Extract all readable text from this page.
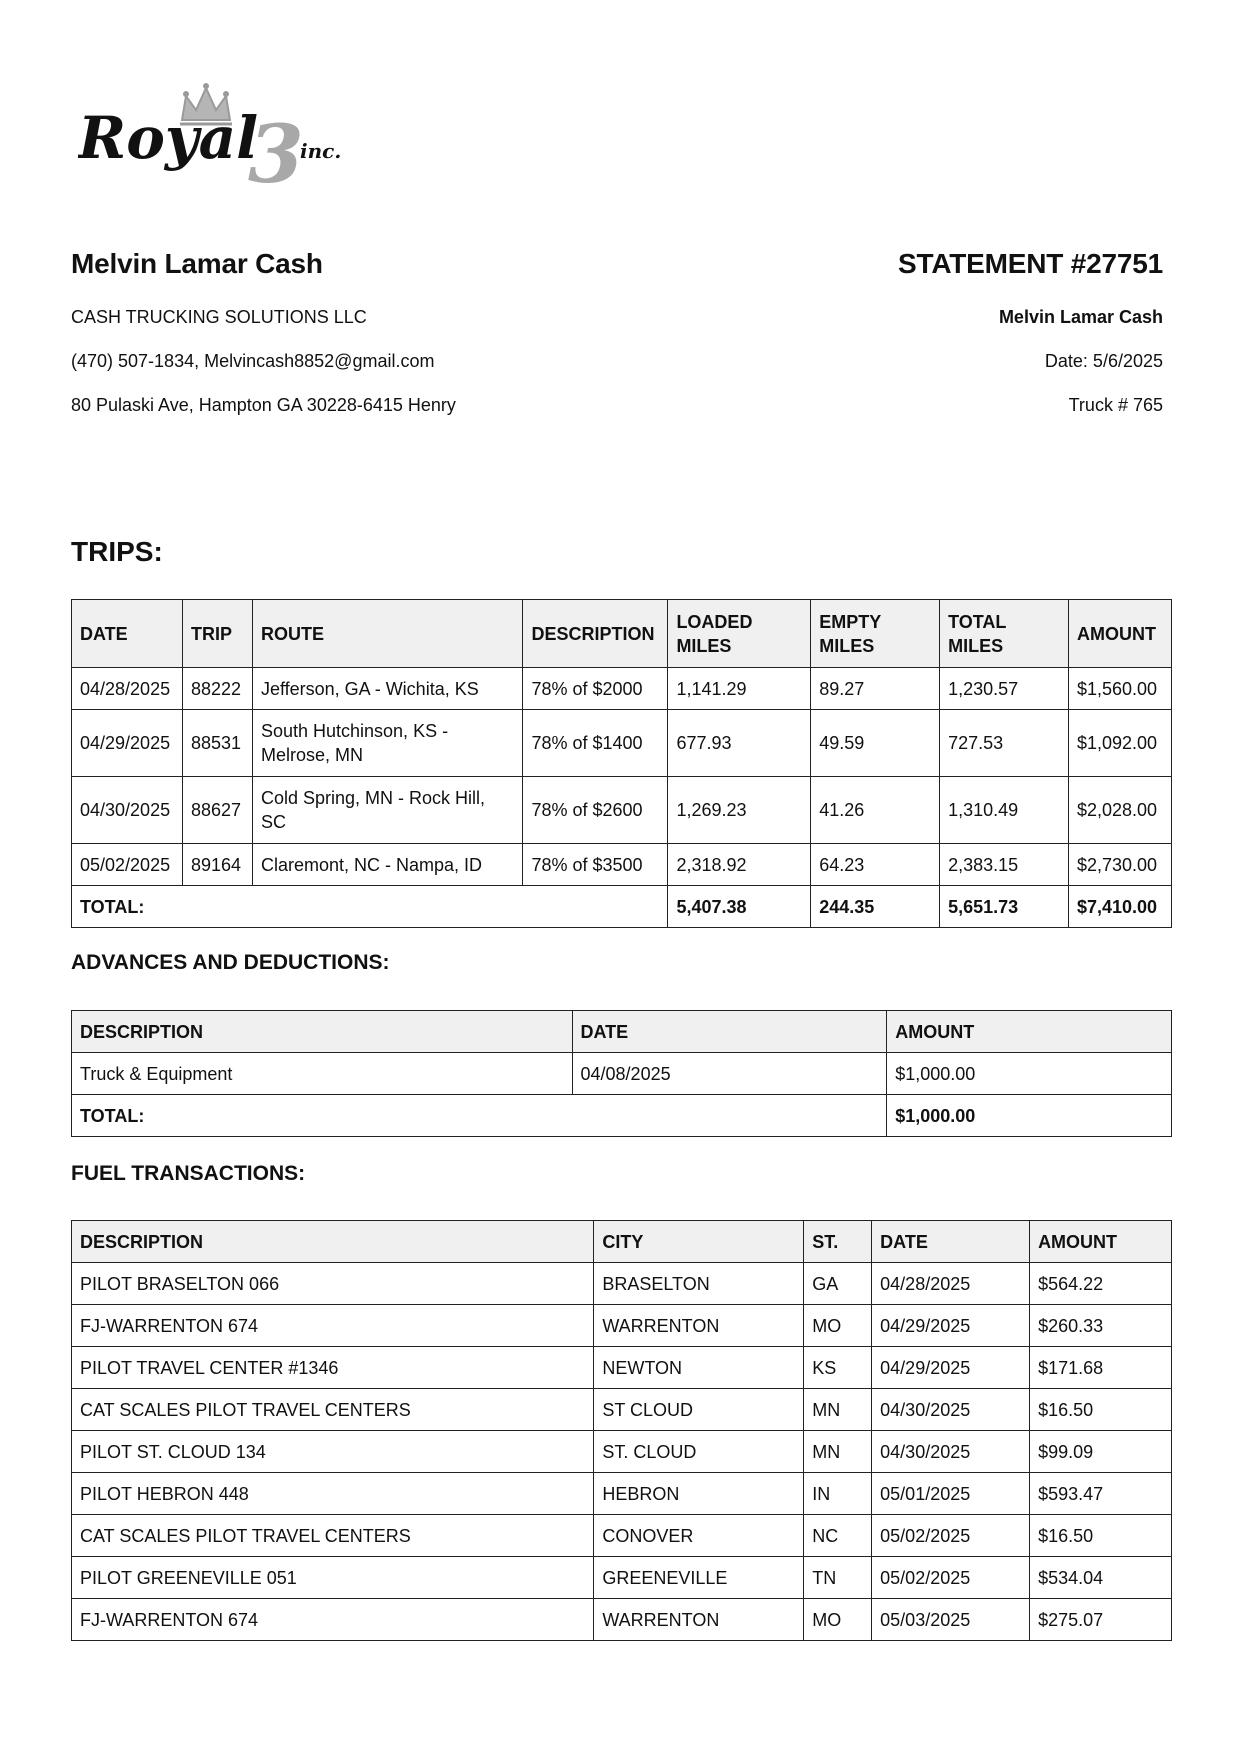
3
Royal inc.
Melvin Lamar Cash
CASH TRUCKING SOLUTIONS LLC
(470) 507-1834, Melvincash8852@gmail.com
80 Pulaski Ave, Hampton GA 30228-6415 Henry
STATEMENT #27751
Melvin Lamar Cash
Date: 5/6/2025
Truck # 765
TRIPS:
DATE	TRIP	ROUTE	DESCRIPTION	LOADED MILES	EMPTY MILES	TOTAL MILES	AMOUNT
04/28/2025	88222	Jefferson, GA - Wichita, KS	78% of $2000	1,141.29	89.27	1,230.57	$1,560.00
04/29/2025	88531	South Hutchinson, KS - Melrose, MN	78% of $1400	677.93	49.59	727.53	$1,092.00
04/30/2025	88627	Cold Spring, MN - Rock Hill, SC	78% of $2600	1,269.23	41.26	1,310.49	$2,028.00
05/02/2025	89164	Claremont, NC - Nampa, ID	78% of $3500	2,318.92	64.23	2,383.15	$2,730.00
TOTAL:				5,407.38	244.35	5,651.73	$7,410.00
ADVANCES AND DEDUCTIONS:
DESCRIPTION	DATE	AMOUNT
Truck & Equipment	04/08/2025	$1,000.00
TOTAL:		$1,000.00
FUEL TRANSACTIONS:
DESCRIPTION	CITY	ST.	DATE	AMOUNT
PILOT BRASELTON 066	BRASELTON	GA	04/28/2025	$564.22
FJ-WARRENTON 674	WARRENTON	MO	04/29/2025	$260.33
PILOT TRAVEL CENTER #1346	NEWTON	KS	04/29/2025	$171.68
CAT SCALES PILOT TRAVEL CENTERS	ST CLOUD	MN	04/30/2025	$16.50
PILOT ST. CLOUD 134	ST. CLOUD	MN	04/30/2025	$99.09
PILOT HEBRON 448	HEBRON	IN	05/01/2025	$593.47
CAT SCALES PILOT TRAVEL CENTERS	CONOVER	NC	05/02/2025	$16.50
PILOT GREENEVILLE 051	GREENEVILLE	TN	05/02/2025	$534.04
FJ-WARRENTON 674	WARRENTON	MO	05/03/2025	$275.07
